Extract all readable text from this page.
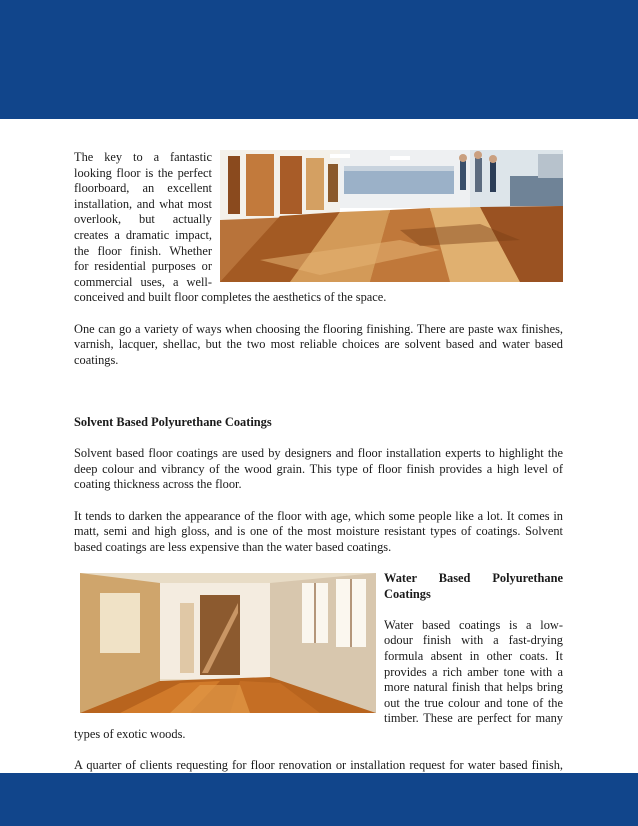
The key to a fantastic looking floor is the perfect floorboard, an excellent installation, and what most overlook, but actually creates a dramatic impact, the floor finish. Whether for residential purposes or commercial uses, a well-conceived and built floor completes the aesthetics of the space.

One can go a variety of ways when choosing the flooring finishing. There are paste wax finishes, varnish, lacquer, shellac, but the two most reliable choices are solvent based and water based coatings.

Solvent Based Polyurethane Coatings

Solvent based floor coatings are used by designers and floor installation experts to highlight the deep colour and vibrancy of the wood grain. This type of floor finish provides a high level of coating thickness across the floor.

It tends to darken the appearance of the floor with age, which some people like a lot. It comes in matt, semi and high gloss, and is one of the most moisture resistant types of coatings. Solvent based coatings are less expensive than the water based coatings.

Water Based Polyurethane Coatings

Water based coatings is a low-odour finish with a fast-drying formula absent in other coats. It provides a rich amber tone with a more natural finish that helps bring out the true colour and tone of the timber. These are perfect for many types of exotic woods.

A quarter of clients requesting for floor renovation or installation request for water based finish,
